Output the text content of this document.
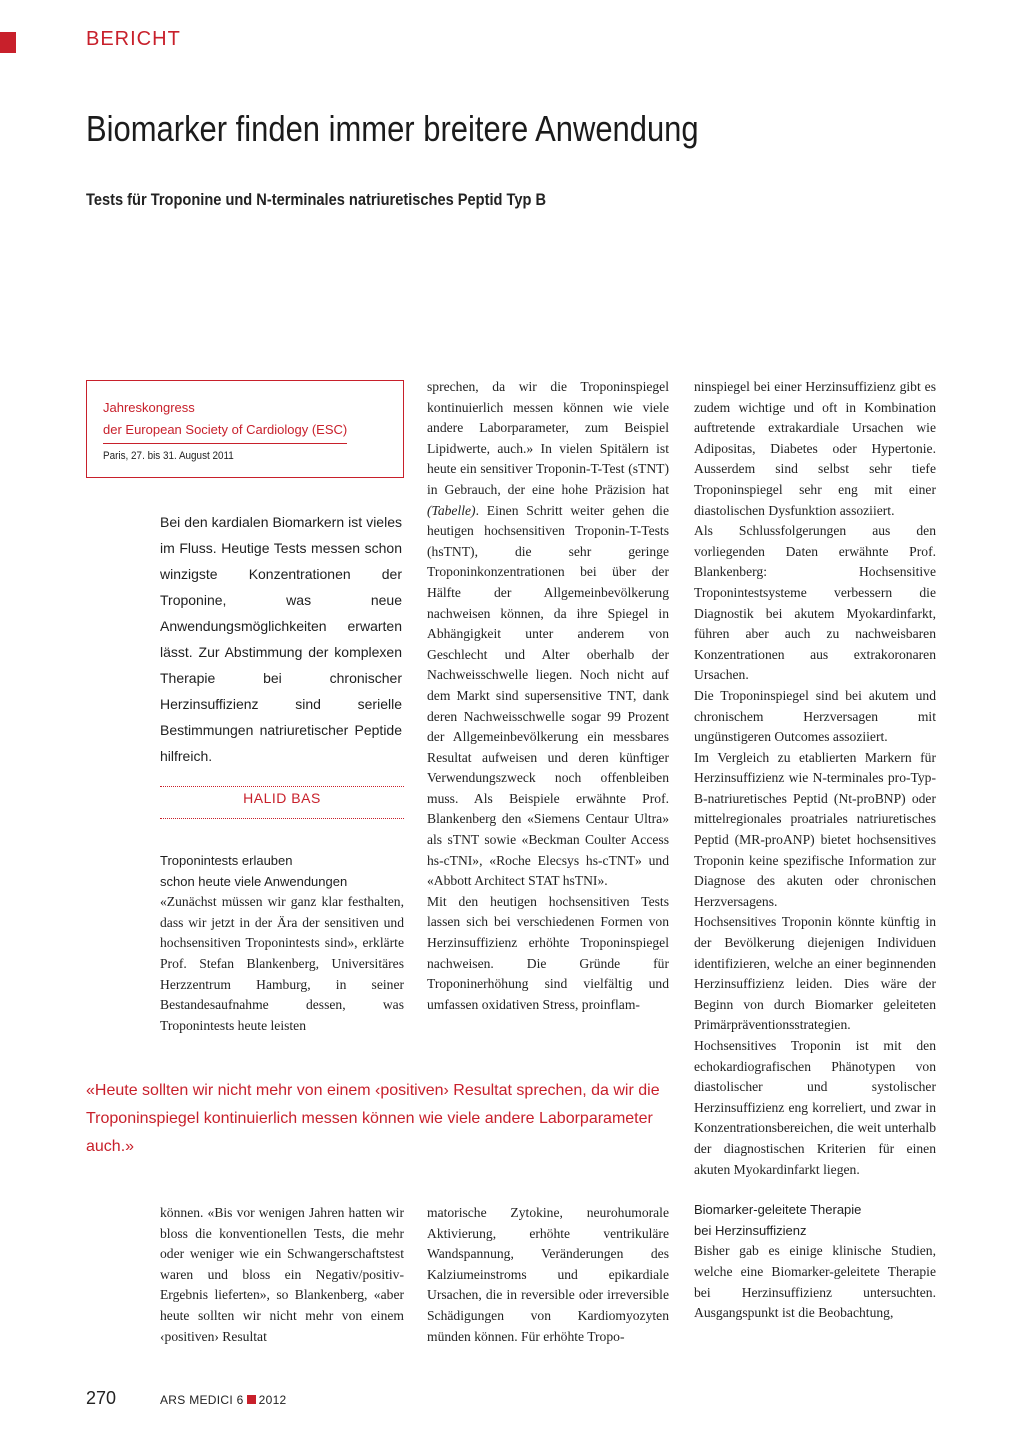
BERICHT
Biomarker finden immer breitere Anwendung
Tests für Troponine und N-terminales natriuretisches Peptid Typ B
Jahreskongress
der European Society of Cardiology (ESC)
Paris, 27. bis 31. August 2011
Bei den kardialen Biomarkern ist vieles im Fluss. Heutige Tests messen schon winzigste Konzentrationen der Troponine, was neue Anwendungsmöglichkeiten erwarten lässt. Zur Abstimmung der komplexen Therapie bei chronischer Herzinsuffizienz sind serielle Bestimmungen natriuretischer Peptide hilfreich.
HALID BAS

Troponintests erlauben
schon heute viele Anwendungen

«Zunächst müssen wir ganz klar festhalten, dass wir jetzt in der Ära der sensitiven und hochsensitiven Troponintests sind», erklärte Prof. Stefan Blankenberg, Universitäres Herzzentrum Hamburg, in seiner Bestandesaufnahme dessen, was Troponintests heute leisten

sprechen, da wir die Troponinspiegel kontinuierlich messen können wie viele andere Laborparameter, zum Beispiel Lipidwerte, auch.» In vielen Spitälern ist heute ein sensitiver Troponin-T-Test (sTNT) in Gebrauch, der eine hohe Präzision hat (Tabelle). Einen Schritt weiter gehen die heutigen hochsensitiven Troponin-T-Tests (hsTNT), die sehr geringe Troponinkonzentrationen bei über der Hälfte der Allgemeinbevölkerung nachweisen können, da ihre Spiegel in Abhängigkeit unter anderem von Geschlecht und Alter oberhalb der Nachweisschwelle liegen. Noch nicht auf dem Markt sind supersensitive TNT, dank deren Nachweisschwelle sogar 99 Prozent der Allgemeinbevölkerung ein messbares Resultat aufweisen und deren künftiger Verwendungszweck noch offenbleiben muss. Als Beispiele erwähnte Prof. Blankenberg den «Siemens Centaur Ultra» als sTNT sowie «Beckman Coulter Access hs-cTNI», «Roche Elecsys hs-cTNT» und «Abbott Architect STAT hsTNI».

Mit den heutigen hochsensitiven Tests lassen sich bei verschiedenen Formen von Herzinsuffizienz erhöhte Troponinspiegel nachweisen. Die Gründe für Troponinerhöhung sind vielfältig und umfassen oxidativen Stress, proinflam-

ninspiegel bei einer Herzinsuffizienz gibt es zudem wichtige und oft in Kombination auftretende extrakardiale Ursachen wie Adipositas, Diabetes oder Hypertonie. Ausserdem sind selbst sehr tiefe Troponinspiegel sehr eng mit einer diastolischen Dysfunktion assoziiert.

Als Schlussfolgerungen aus den vorliegenden Daten erwähnte Prof. Blankenberg: Hochsensitive Troponintestsysteme verbessern die Diagnostik bei akutem Myokardinfarkt, führen aber auch zu nachweisbaren Konzentrationen aus extrakoronaren Ursachen.

Die Troponinspiegel sind bei akutem und chronischem Herzversagen mit ungünstigeren Outcomes assoziiert.

Im Vergleich zu etablierten Markern für Herzinsuffizienz wie N-terminales pro-Typ-B-natriuretisches Peptid (Nt-proBNP) oder mittelregionales proatriales natriuretisches Peptid (MR-proANP) bietet hochsensitives Troponin keine spezifische Information zur Diagnose des akuten oder chronischen Herzversagens.

Hochsensitives Troponin könnte künftig in der Bevölkerung diejenigen Individuen identifizieren, welche an einer beginnenden Herzinsuffizienz leiden. Dies wäre der Beginn von durch Biomarker geleiteten Primärpräventionsstrategien.

Hochsensitives Troponin ist mit den echokardiografischen Phänotypen von diastolischer und systolischer Herzinsuffizienz eng korreliert, und zwar in Konzentrationsbereichen, die weit unterhalb der diagnostischen Kriterien für einen akuten Myokardinfarkt liegen.

Biomarker-geleitete Therapie
bei Herzinsuffizienz

Bisher gab es einige klinische Studien, welche eine Biomarker-geleitete Therapie bei Herzinsuffizienz untersuchten. Ausgangspunkt ist die Beobachtung,

«Heute sollten wir nicht mehr von einem ‹positiven› Resultat sprechen, da wir die Troponinspiegel kontinuierlich messen können wie viele andere Laborparameter auch.»

können. «Bis vor wenigen Jahren hatten wir bloss die konventionellen Tests, die mehr oder weniger wie ein Schwangerschaftstest waren und bloss ein Negativ/positiv-Ergebnis lieferten», so Blankenberg, «aber heute sollten wir nicht mehr von einem ‹positiven› Resultat

matorische Zytokine, neurohumorale Aktivierung, erhöhte ventrikuläre Wandspannung, Veränderungen des Kalziumeinstroms und epikardiale Ursachen, die in reversible oder irreversible Schädigungen von Kardiomyozyten münden können. Für erhöhte Tropo-

270	ARS MEDICI 6 2012
